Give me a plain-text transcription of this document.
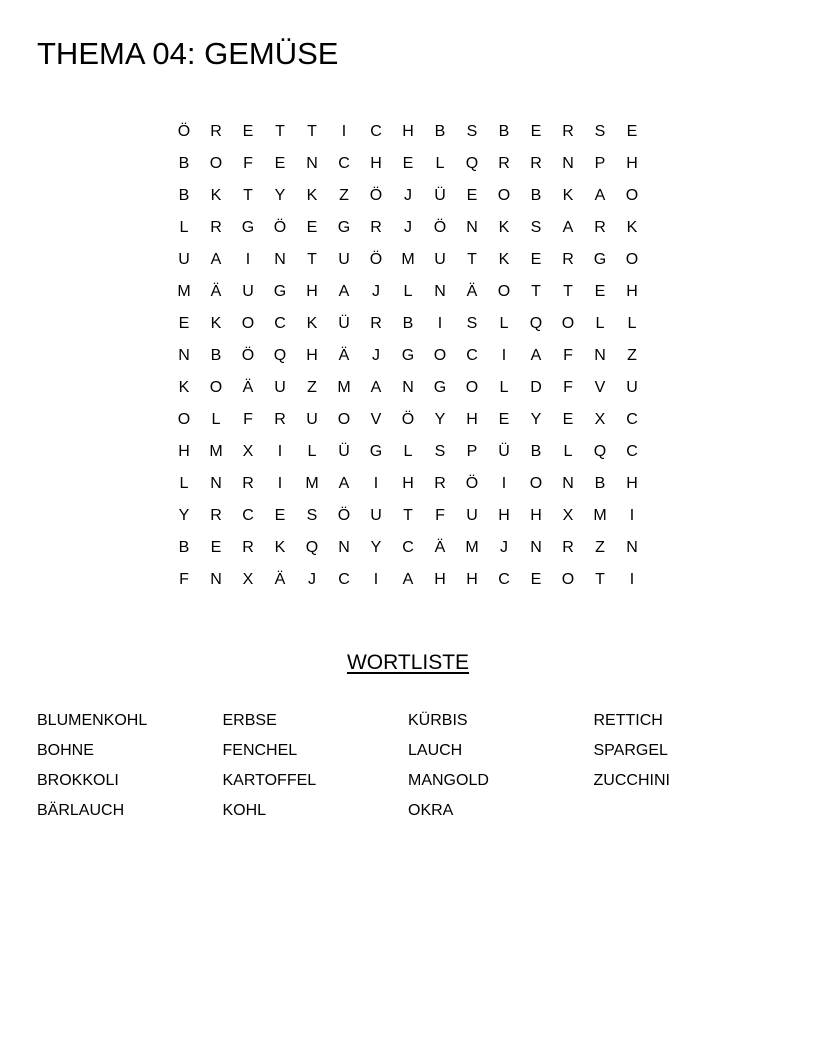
THEMA 04: GEMÜSE
Ö	R	E	T	T	I	C	H	B	S	B	E	R	S	E
B	O	F	E	N	C	H	E	L	Q	R	R	N	P	H
B	K	T	Y	K	Z	Ö	J	Ü	E	O	B	K	A	O
L	R	G	Ö	E	G	R	J	Ö	N	K	S	A	R	K
U	A	I	N	T	U	Ö	M	U	T	K	E	R	G	O
M	Ä	U	G	H	A	J	L	N	Ä	O	T	T	E	H
E	K	O	C	K	Ü	R	B	I	S	L	Q	O	L	L
N	B	Ö	Q	H	Ä	J	G	O	C	I	A	F	N	Z
K	O	Ä	U	Z	M	A	N	G	O	L	D	F	V	U
O	L	F	R	U	O	V	Ö	Y	H	E	Y	E	X	C
H	M	X	I	L	Ü	G	L	S	P	Ü	B	L	Q	C
L	N	R	I	M	A	I	H	R	Ö	I	O	N	B	H
Y	R	C	E	S	Ö	U	T	F	U	H	H	X	M	I
B	E	R	K	Q	N	Y	C	Ä	M	J	N	R	Z	N
F	N	X	Ä	J	C	I	A	H	H	C	E	O	T	I
WORTLISTE
BLUMENKOHL
BOHNE
BROKKOLI
BÄRLAUCH
ERBSE
FENCHEL
KARTOFFEL
KOHL
KÜRBIS
LAUCH
MANGOLD
OKRA
RETTICH
SPARGEL
ZUCCHINI
